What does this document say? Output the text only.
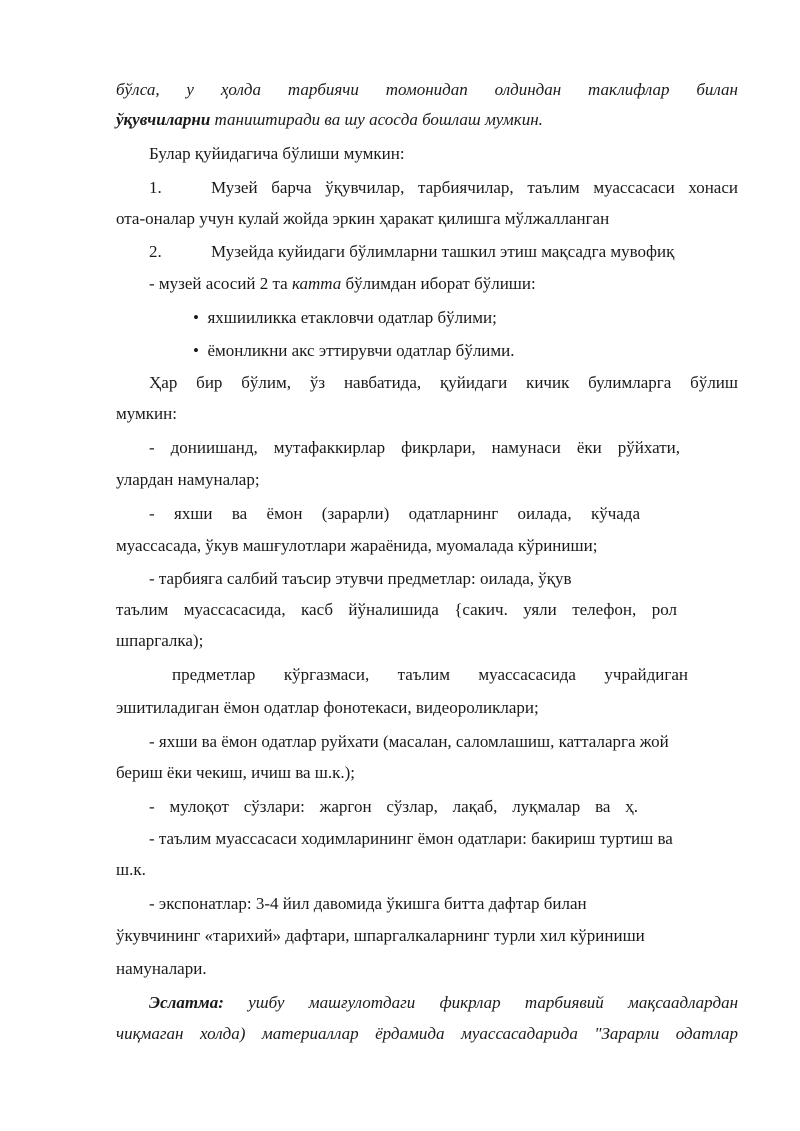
бўлса, у ҳолда тарбиячи томонидап олдиндан таклифлар билан
ўқувчиларни таништиради ва шу асосда бошлаш мумкин.
Булар қуйидагича бўлиши мумкин:
1.	Музей барча ўқувчилар, тарбиячилар, таълим муассасаси хонаси
ота-оналар учун кулай жойда эркин ҳаракат қилишга мўлжалланган
2.	Музейда куйидаги бўлимларни ташкил этиш мақсадга мувофиқ
- музей асосий 2 та катта бўлимдан иборат бўлиши:
•  яхшииликка етакловчи одатлар бўлими;
•  ёмонликни акс эттирувчи одатлар бўлими.
Ҳар бир бўлим, ўз навбатида, қуйидаги кичик булимларга бўлиш
мумкин:
- дониишанд, мутафаккирлар фикрлари, намунаси ёки рўйхати,
улардан намуналар;
- яхши ва ёмон (зарарли) одатларнинг оилада, кўчада
муассасада, ўкув машғулотлари жараёнида, муомалада кўриниши;
- тарбияга салбий таъсир этувчи предметлар: оилада, ўқув
таълим муассасасида, касб йўналишида {сакич. уяли телефон, рол
шпаргалка);
предметлар кўргазмаси, таълим муассасасида учрайдиган
эшитиладиган ёмон одатлар фонотекаси, видеороликлари;
- яхши ва ёмон одатлар руйхати (масалан, саломлашиш, катталарга жой
бериш ёки чекиш, ичиш ва ш.к.);
- мулоқот сўзлари: жаргон сўзлар, лақаб, луқмалар ва ҳ.
- таълим муассасаси ходимларининг ёмон одатлари: бакириш туртиш ва
ш.к.
- экспонатлар: 3-4 йил давомида ўкишга битта дафтар билан
ўкувчининг «тарихий» дафтари, шпаргалкаларнинг турли хил кўриниши
намуналари.
Эслатма: ушбу машғулотдаги фикрлар тарбиявий мақсаадлардан
чиқмаган холда) материаллар ёрдамида муассасадарида "Зарарли одатлар
